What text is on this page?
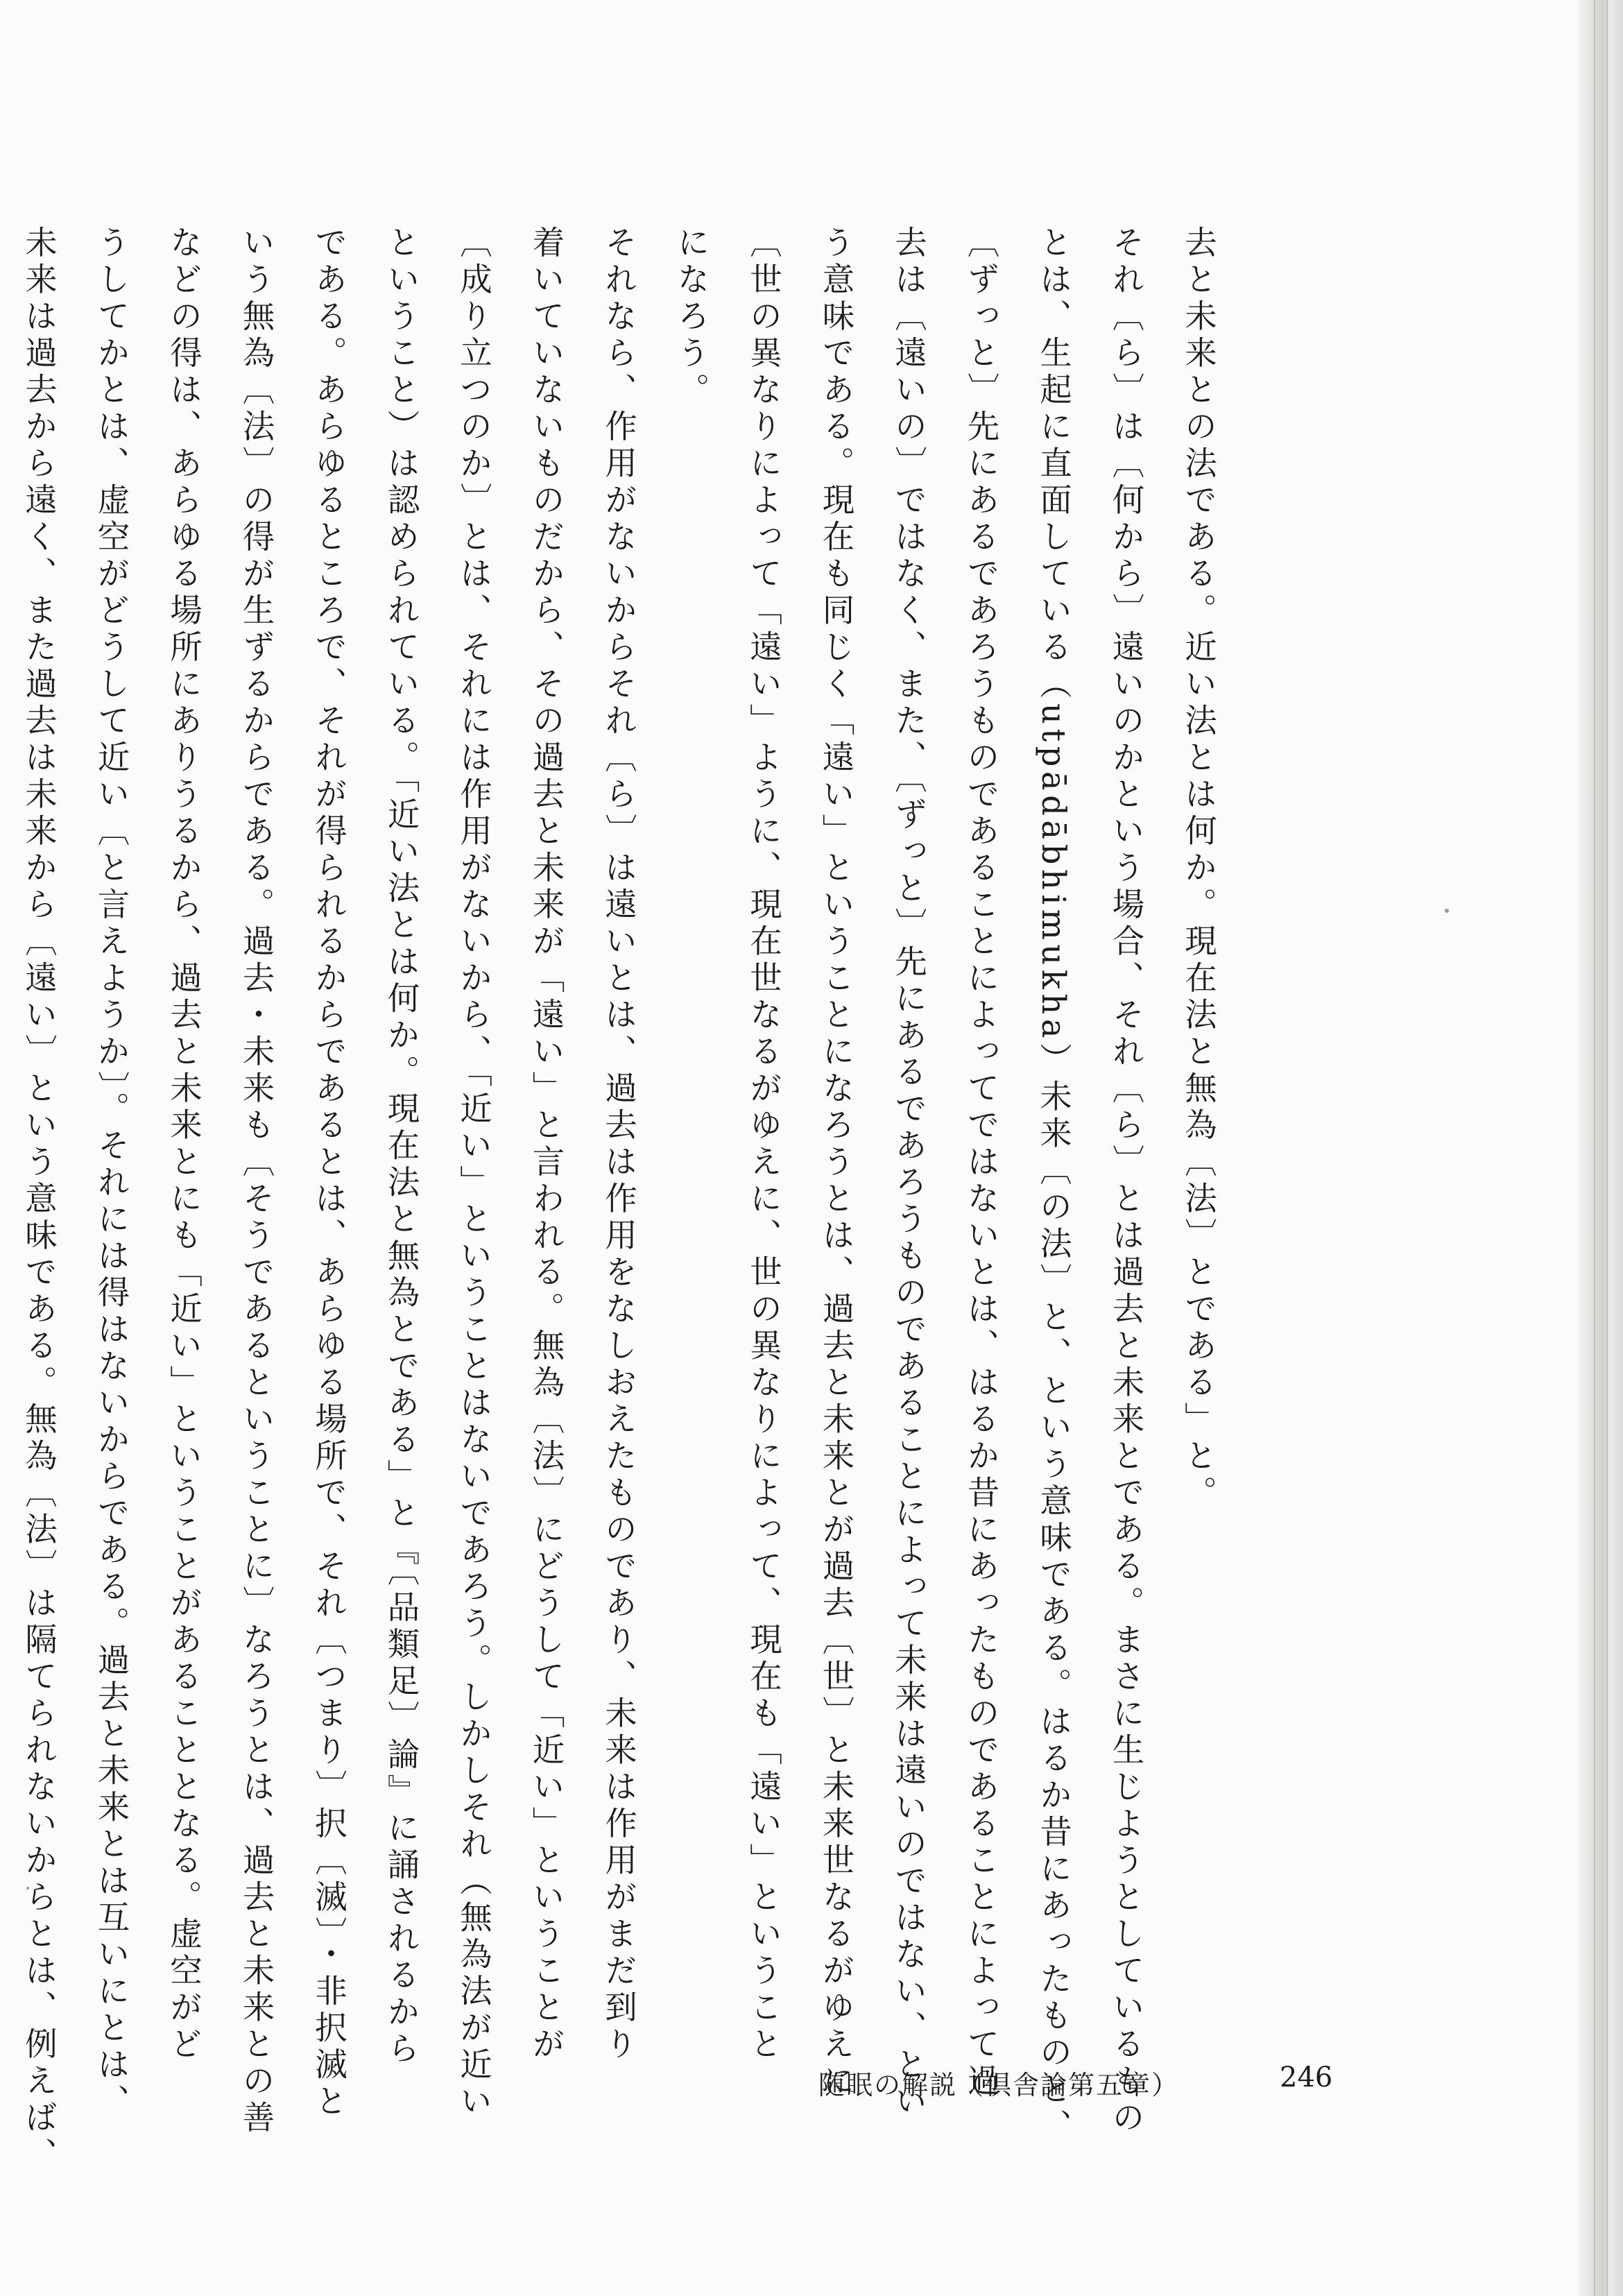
去と未来との法である。近い法とは何か。現在法と無為〔法〕とである」と。

それ〔ら〕は〔何から〕遠いのかという場合、それ〔ら〕とは過去と未来とである。まさに生じようとしているもの

とは、生起に直面している（utpādābhimukha）未来〔の法〕と、という意味である。はるか昔にあったものと、

〔ずっと〕先にあるであろうものであることによってではないとは、はるか昔にあったものであることによって過

去は〔遠いの〕ではなく、また、〔ずっと〕先にあるであろうものであることによって未来は遠いのではない、とい

う意味である。現在も同じく「遠い」ということになろうとは、過去と未来とが過去〔世〕と未来世なるがゆえに

〔世の異なりによって「遠い」ように、現在世なるがゆえに、世の異なりによって、現在も「遠い」ということ

になろう。

それなら、作用がないからそれ〔ら〕は遠いとは、過去は作用をなしおえたものであり、未来は作用がまだ到り

着いていないものだから、その過去と未来が「遠い」と言われる。無為〔法〕にどうして「近い」ということが

〔成り立つのか〕とは、それには作用がないから、「近い」ということはないであろう。しかしそれ（無為法が近い

ということ）は認められている。「近い法とは何か。現在法と無為とである」と『〔品類足〕論』に誦されるから

である。あらゆるところで、それが得られるからであるとは、あらゆる場所で、それ〔つまり〕択〔滅〕・非択滅と

いう無為〔法〕の得が生ずるからである。過去・未来も〔そうであるということに〕なろうとは、過去と未来との善

などの得は、あらゆる場所にありうるから、過去と未来とにも「近い」ということがあることとなる。虚空がど

うしてかとは、虚空がどうして近い〔と言えようか〕。それには得はないからである。過去と未来とは互いにとは、

未来は過去から遠く、また過去は未来から〔遠い〕という意味である。無為〔法〕は隔てられないからとは、例えば、	随眠の解説（倶舎論第五章）	246
